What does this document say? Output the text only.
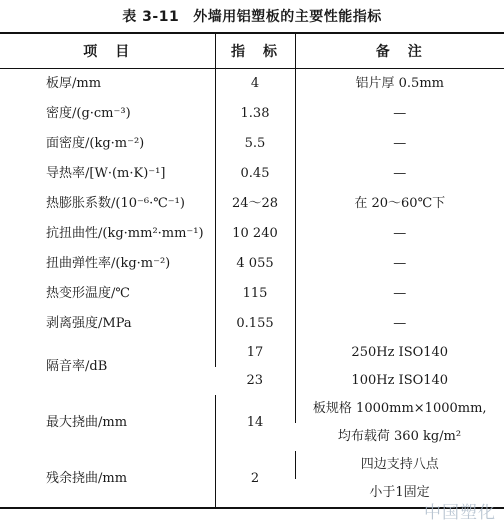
表 3-11 外墙用铝塑板的主要性能指标
项　目	指　标	备　注
板厚/mm	4	铝片厚 0.5mm
密度/(g·cm⁻³)	1.38	—
面密度/(kg·m⁻²)	5.5	—
导热率/[W·(m·K)⁻¹]	0.45	—
热膨胀系数/(10⁻⁶·℃⁻¹)	24～28	在 20～60℃下
抗扭曲性/(kg·mm²·mm⁻¹)	10 240	—
扭曲弹性率/(kg·m⁻²)	4 055	—
热变形温度/℃	115	—
剥离强度/MPa	0.155	—
隔音率/dB	17	250Hz ISO140
	23	100Hz ISO140
最大挠曲/mm	14	板规格 1000mm×1000mm,
		均布载荷 360 kg/m²
残余挠曲/mm	2	四边支持八点
		小于1固定
中国塑化
